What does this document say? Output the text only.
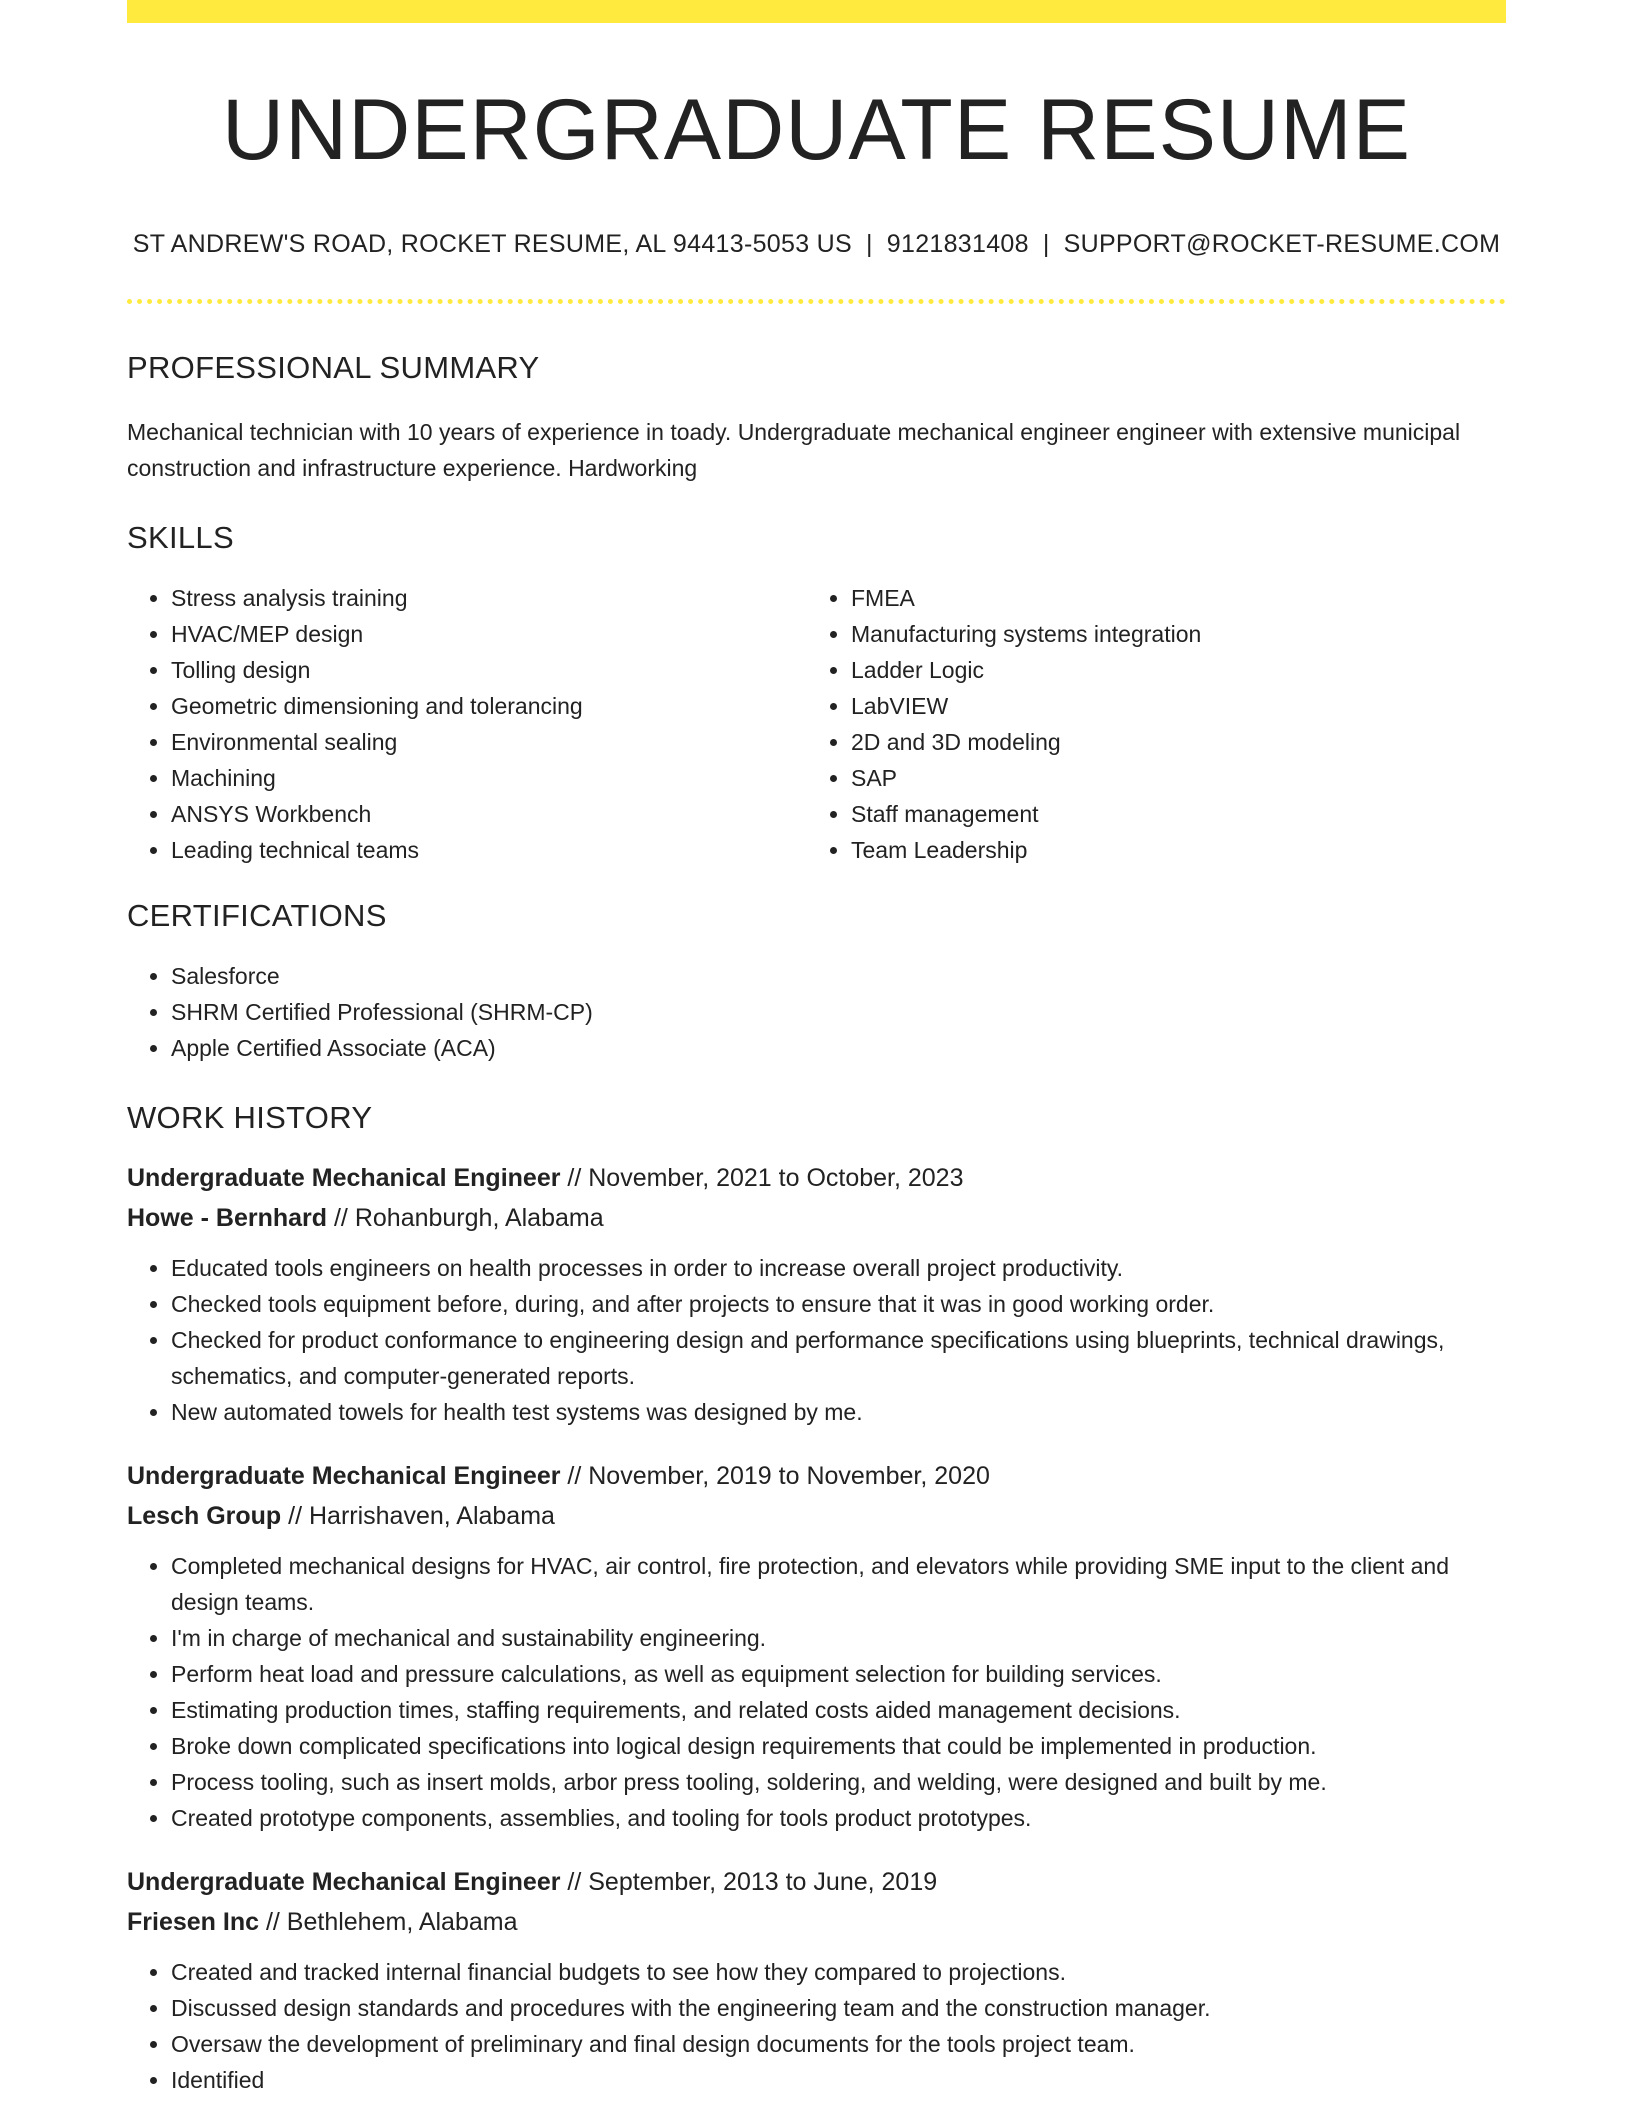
UNDERGRADUATE RESUME
ST ANDREW'S ROAD, ROCKET RESUME, AL 94413-5053 US | 9121831408 | SUPPORT@ROCKET-RESUME.COM
PROFESSIONAL SUMMARY
Mechanical technician with 10 years of experience in toady. Undergraduate mechanical engineer engineer with extensive municipal construction and infrastructure experience. Hardworking
SKILLS
• Stress analysis training
• HVAC/MEP design
• Tolling design
• Geometric dimensioning and tolerancing
• Environmental sealing
• Machining
• ANSYS Workbench
• Leading technical teams
• FMEA
• Manufacturing systems integration
• Ladder Logic
• LabVIEW
• 2D and 3D modeling
• SAP
• Staff management
• Team Leadership
CERTIFICATIONS
• Salesforce
• SHRM Certified Professional (SHRM-CP)
• Apple Certified Associate (ACA)
WORK HISTORY
Undergraduate Mechanical Engineer // November, 2021 to October, 2023
Howe - Bernhard // Rohanburgh, Alabama
• Educated tools engineers on health processes in order to increase overall project productivity.
• Checked tools equipment before, during, and after projects to ensure that it was in good working order.
• Checked for product conformance to engineering design and performance specifications using blueprints, technical drawings, schematics, and computer-generated reports.
• New automated towels for health test systems was designed by me.
Undergraduate Mechanical Engineer // November, 2019 to November, 2020
Lesch Group // Harrishaven, Alabama
• Completed mechanical designs for HVAC, air control, fire protection, and elevators while providing SME input to the client and design teams.
• I'm in charge of mechanical and sustainability engineering.
• Perform heat load and pressure calculations, as well as equipment selection for building services.
• Estimating production times, staffing requirements, and related costs aided management decisions.
• Broke down complicated specifications into logical design requirements that could be implemented in production.
• Process tooling, such as insert molds, arbor press tooling, soldering, and welding, were designed and built by me.
• Created prototype components, assemblies, and tooling for tools product prototypes.
Undergraduate Mechanical Engineer // September, 2013 to June, 2019
Friesen Inc // Bethlehem, Alabama
• Created and tracked internal financial budgets to see how they compared to projections.
• Discussed design standards and procedures with the engineering team and the construction manager.
• Oversaw the development of preliminary and final design documents for the tools project team.
• Identified
